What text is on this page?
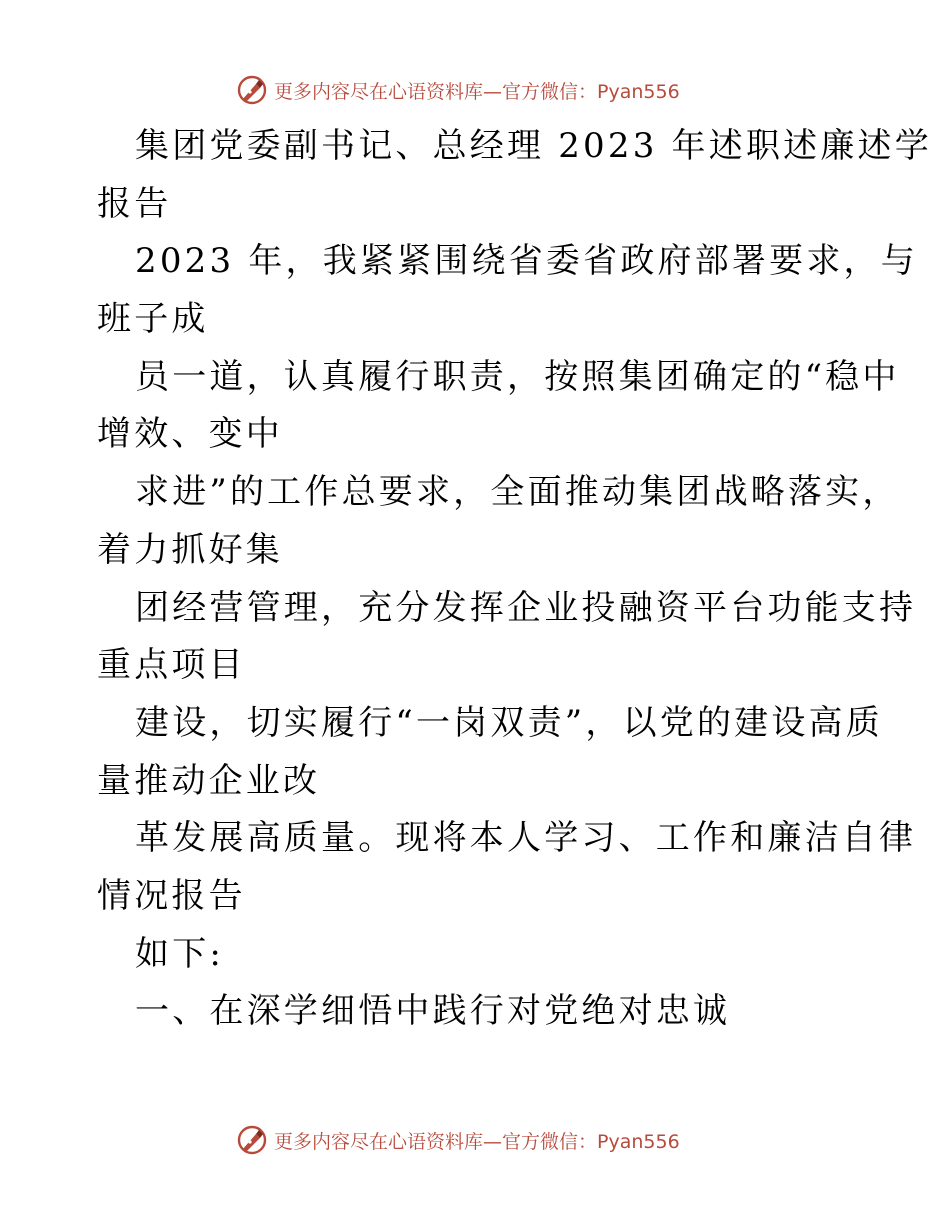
更多内容尽在心语资料库—官方微信：Pyan556
集团党委副书记、总经理 2023 年述职述廉述学
报告
2023 年，我紧紧围绕省委省政府部署要求，与
班子成
员一道，认真履行职责，按照集团确定的“稳中
增效、变中
求进”的工作总要求，全面推动集团战略落实，
着力抓好集
团经营管理，充分发挥企业投融资平台功能支持
重点项目
建设，切实履行“一岗双责”，以党的建设高质
量推动企业改
革发展高质量。现将本人学习、工作和廉洁自律
情况报告
如下:
一、在深学细悟中践行对党绝对忠诚
更多内容尽在心语资料库—官方微信：Pyan556
